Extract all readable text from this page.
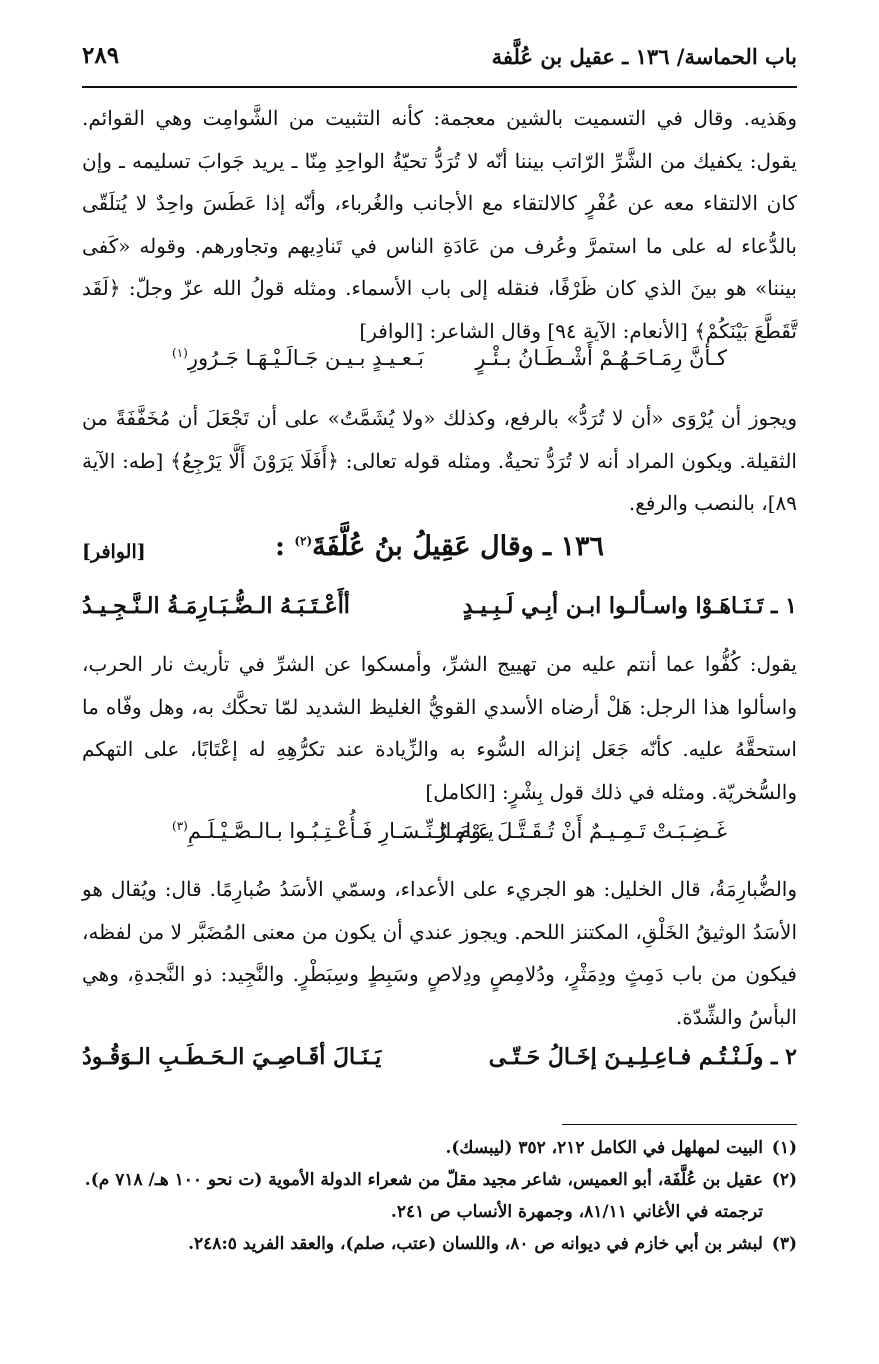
باب الحماسة/ ١٣٦ ـ عقيل بن عُلَّفة
٢٨٩
وهَذيه. وقال في التسميت بالشين معجمة: كأنه التثبيت من الشَّوامِت وهي القوائم. يقول: يكفيك من الشَّرِّ الرّاتب بيننا أنّه لا تُرَدُّ تحيّةُ الواحِدِ مِنّا ـ يريد جَوابَ تسليمه ـ وإن كان الالتقاء معه عن عُفْرٍ كالالتقاء مع الأجانب والغُرباء، وأنّه إذا عَطَسَ واحِدٌ لا يُتلَقّى بالدُّعاء له على ما استمرَّ وعُرف من عَادَةِ الناس في تَنادِيهم وتجاورهم. وقوله «كَفى بيننا» هو بينَ الذي كان ظَرْفًا، فنقله إلى باب الأسماء. ومثله قولُ الله عزّ وجلّ: ﴿لَقَد تَّقَطَّعَ بَيْنَكُمْ﴾ [الأنعام: الآية ٩٤] وقال الشاعر: [الوافر]
كـأنَّ رِمَـاحَـهُـمْ أَشْـطَـانُ بـئْـرٍ
بَـعـيـدٍ بـيـن جَـالَـيْـهَـا جَـرُورِ$^{(١)}$
ويجوز أن يُرْوَى «أن لا تُرَدُّ» بالرفع، وكذلك «ولا يُشَمَّتُ» على أن تَجْعَلَ أن مُخَفَّفَةً من الثقيلة. ويكون المراد أنه لا تُرَدُّ تحيةٌ. ومثله قوله تعالى: ﴿أَفَلَا يَرَوْنَ أَلَّا يَرْجِعُ﴾ [طه: الآية ٨٩]، بالنصب والرفع.
١٣٦ ـ وقال عَقِيلُ بنُ عُلَّفَةَ$^{(٢)}$ :
[الوافر]
١ ـ تَـنَـاهَـوْا واسـألـوا ابـن أبِـي لَـبِـيـدٍ
أأَعْـتَـبَـهُ الـضُّـبَـارِمَـةُ الـنَّـجِـيـدُ
يقول: كُفُّوا عما أنتم عليه من تهييج الشرِّ، وأمسكوا عن الشرِّ في تأريث نار الحرب، واسألوا هذا الرجل: هَلْ أرضاه الأسدي القويُّ الغليظ الشديد لمّا تحكَّك به، وهل وفّاه ما استحقَّهُ عليه. كأنّه جَعَل إنزاله السُّوء به والزِّيادة عند تكرُّهِهِ له إعْتَابًا، على التهكم والسُّخريّة. ومثله في ذلك قول بِشْرٍ: [الكامل]
غَـضِـبَـتْ تَـمِـيـمٌ أَنْ تُـقَـتَّـلَ عَـامِـرٌ
يـوْمَ الـنِّـسَـارِ فَـأُعْـتِـبُـوا بـالـصَّـيْـلَـمِ$^{(٣)}$
والضُّبارِمَةُ، قال الخليل: هو الجريء على الأعداء، وسمّي الأسَدُ ضُبارِمًا. قال: ويُقال هو الأسَدُ الوثيقُ الخَلْقِ، المكتنز اللحم. ويجوز عندي أن يكون من معنى المُضَبَّر لا من لفظه، فيكون من باب دَمِثٍ ودِمَثْرٍ، ودُلامِصٍ ودِلاصٍ وسَبِطٍ وسِبَطْرٍ. والنَّجِيد: ذو النَّجدةِ، وهي البأسُ والشِّدّة.
٢ ـ ولَـنْـتُـم فـاعِـلِـيـنَ إخَـالُ حَـتّـى
يَـنَـالَ أقَـاصِـيَ الـحَـطَـبِ الـوَقُـودُ
(١)
البيت لمهلهل في الكامل ٢١٢، ٣٥٢ (ليبسك).
(٢)
عقيل بن عُلَّفَة، أبو العميس، شاعر مجيد مقلّ من شعراء الدولة الأموية (ت نحو ١٠٠ هـ/ ٧١٨ م). ترجمته في الأغاني ٨١/١١، وجمهرة الأنساب ص ٢٤١.
(٣)
لبشر بن أبي خازم في ديوانه ص ٨٠، واللسان (عتب، صلم)، والعقد الفريد ٢٤٨:٥.
